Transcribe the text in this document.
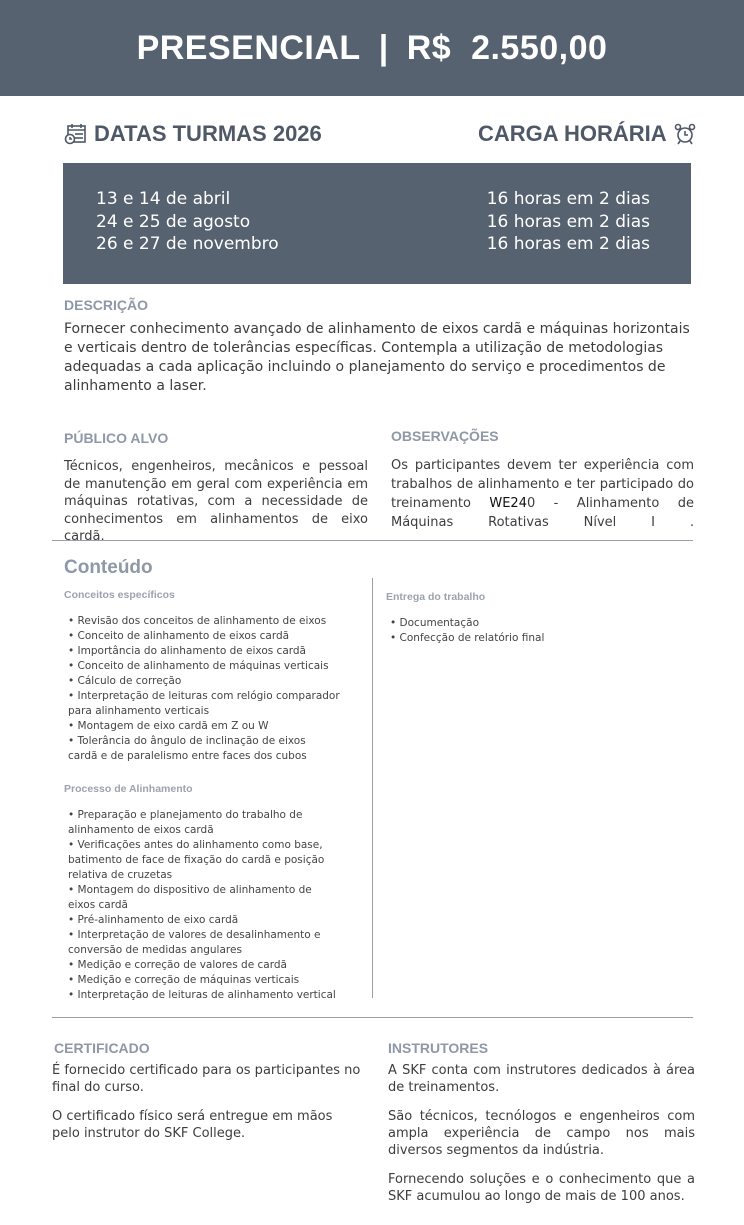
PRESENCIAL | R$  2.550,00
DATAS TURMAS 2026	CARGA HORÁRIA
13 e 14 de abril
24 e 25 de agosto
26 e 27 de novembro
16 horas em 2 dias
16 horas em 2 dias
16 horas em 2 dias
DESCRIÇÃO
Fornecer conhecimento avançado de alinhamento de eixos cardã e máquinas horizontais e verticais dentro de tolerâncias específicas. Contempla a utilização de metodologias adequadas a cada aplicação incluindo o planejamento do serviço e procedimentos de alinhamento a laser.
PÚBLICO ALVO
Técnicos, engenheiros, mecânicos e pessoal de manutenção em geral com experiência em máquinas rotativas, com a necessidade de conhecimentos em alinhamentos de eixo cardã.
OBSERVAÇÕES
Os participantes devem ter experiência com trabalhos de alinhamento e ter participado do treinamento WE240 - Alinhamento de Máquinas Rotativas Nível I .
Conteúdo
Conceitos específicos
• Revisão dos conceitos de alinhamento de eixos
• Conceito de alinhamento de eixos cardã
• Importância do alinhamento de eixos cardã
• Conceito de alinhamento de máquinas verticais
• Cálculo de correção
• Interpretação de leituras com relógio comparador
para alinhamento verticais
• Montagem de eixo cardã em Z ou W
• Tolerância do ângulo de inclinação de eixos
cardã e de paralelismo entre faces dos cubos
Processo de Alinhamento
• Preparação e planejamento do trabalho de
alinhamento de eixos cardã
• Verificações antes do alinhamento como base,
batimento de face de fixação do cardã e posição
relativa de cruzetas
• Montagem do dispositivo de alinhamento de
eixos cardã
• Pré-alinhamento de eixo cardã
• Interpretação de valores de desalinhamento e
conversão de medidas angulares
• Medição e correção de valores de cardã
• Medição e correção de máquinas verticais
• Interpretação de leituras de alinhamento vertical
Entrega do trabalho
• Documentação
• Confecção de relatório final
CERTIFICADO

É fornecido certificado para os participantes no final do curso.

O certificado físico será entregue em mãos pelo instrutor do SKF College.

INSTRUTORES

A SKF conta com instrutores dedicados à área de treinamentos.

São técnicos, tecnólogos e engenheiros com ampla experiência de campo nos mais diversos segmentos da indústria.

Fornecendo soluções e o conhecimento que a SKF acumulou ao longo de mais de 100 anos.
